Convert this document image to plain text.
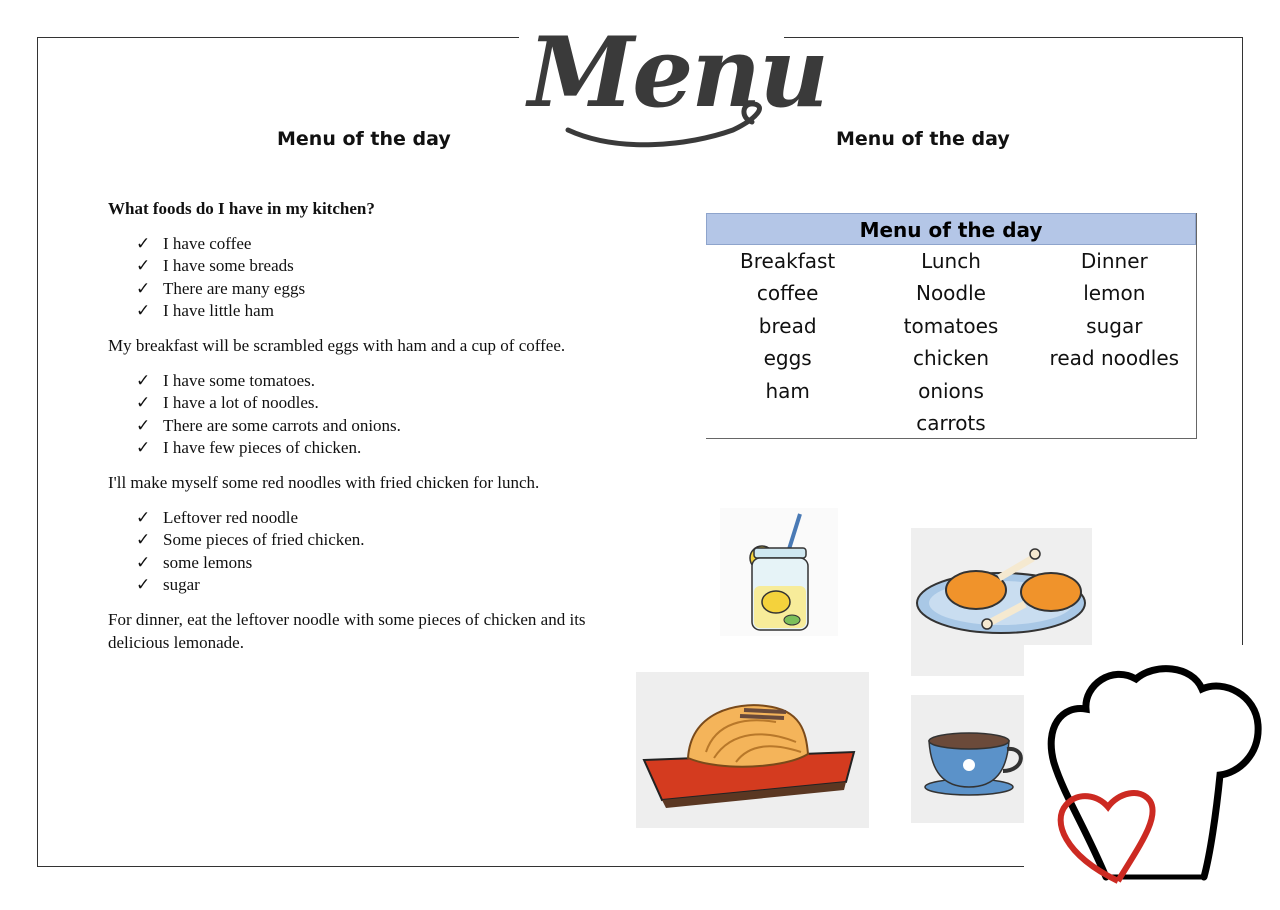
Menu
Menu of the day	Menu of the day

What foods do I have in my kitchen?

✓ I have coffee
✓ I have some breads
✓ There are many eggs
✓ I have little ham

My breakfast will be scrambled eggs with ham and a cup of coffee.

✓ I have some tomatoes.
✓ I have a lot of noodles.
✓ There are some carrots and onions.
✓ I have few pieces of chicken.

I'll make myself some red noodles with fried chicken for lunch.

✓ Leftover red noodle
✓ Some pieces of fried chicken.
✓ some lemons
✓ sugar

For dinner, eat the leftover noodle with some pieces of chicken and its delicious lemonade.

Menu of the day
Breakfast
coffee
bread
eggs
ham
Lunch
Noodle
tomatoes
chicken
onions
carrots
Dinner
lemon
sugar
read noodles
